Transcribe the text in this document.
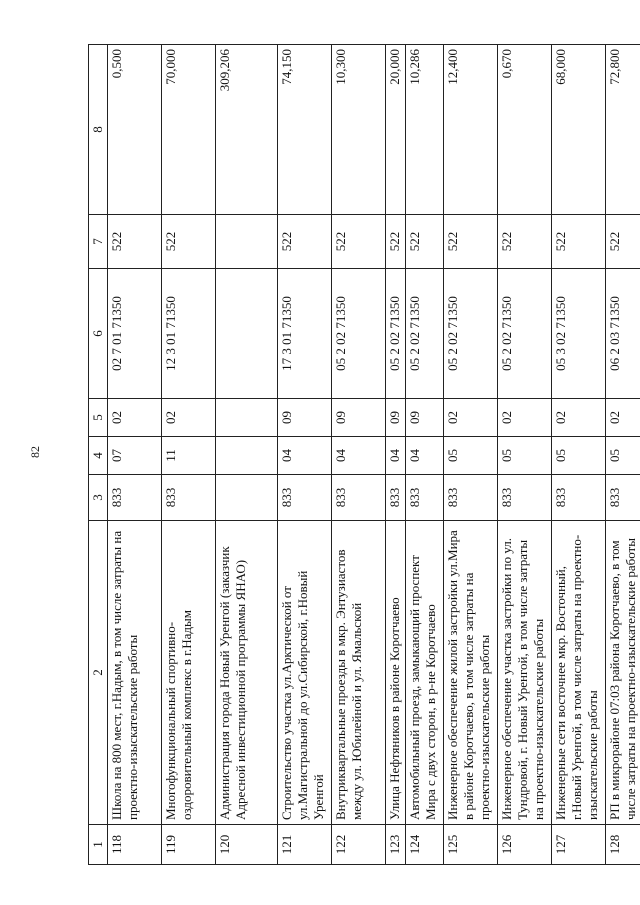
82
1	2	3	4	5	6	7	8
118	Школа на 800 мест, г.Надым, в том числе затраты на проектно-изыскательские работы	833	07	02	02 7 01 71350	522	0,500
119	Многофункциональный спортивно-оздоровительный комплекс в г.Надым	833	11	02	12 3 01 71350	522	70,000
120	Администрация города Новый Уренгой (заказчик Адресной инвестиционной программы ЯНАО)						309,206
121	Строительство участка ул.Арктической от ул.Магистральной до ул.Сибирской, г.Новый Уренгой	833	04	09	17 3 01 71350	522	74,150
122	Внутриквартальные проезды в мкр. Энтузиастов между ул. Юбилейной и ул. Ямальской	833	04	09	05 2 02 71350	522	10,300
123	Улица Нефтяников в районе Коротчаево	833	04	09	05 2 02 71350	522	20,000
124	Автомобильный проезд, замыкающий проспект Мира с двух сторон, в р-не Коротчаево	833	04	09	05 2 02 71350	522	10,286
125	Инженерное обеспечение жилой застройки ул.Мира в районе Коротчаево, в том числе затраты на проектно-изыскательские работы	833	05	02	05 2 02 71350	522	12,400
126	Инженерное обеспечение участка застройки по ул. Тундровой, г. Новый Уренгой, в том числе затраты на проектно-изыскательские работы	833	05	02	05 2 02 71350	522	0,670
127	Инженерные сети восточнее мкр. Восточный, г.Новый Уренгой, в том числе затраты на проектно-изыскательские работы	833	05	02	05 3 02 71350	522	68,000
128	РП в микрорайоне 07:03 района Коротчаево, в том числе затраты на проектно-изыскательские работы	833	05	02	06 2 03 71350	522	72,800
